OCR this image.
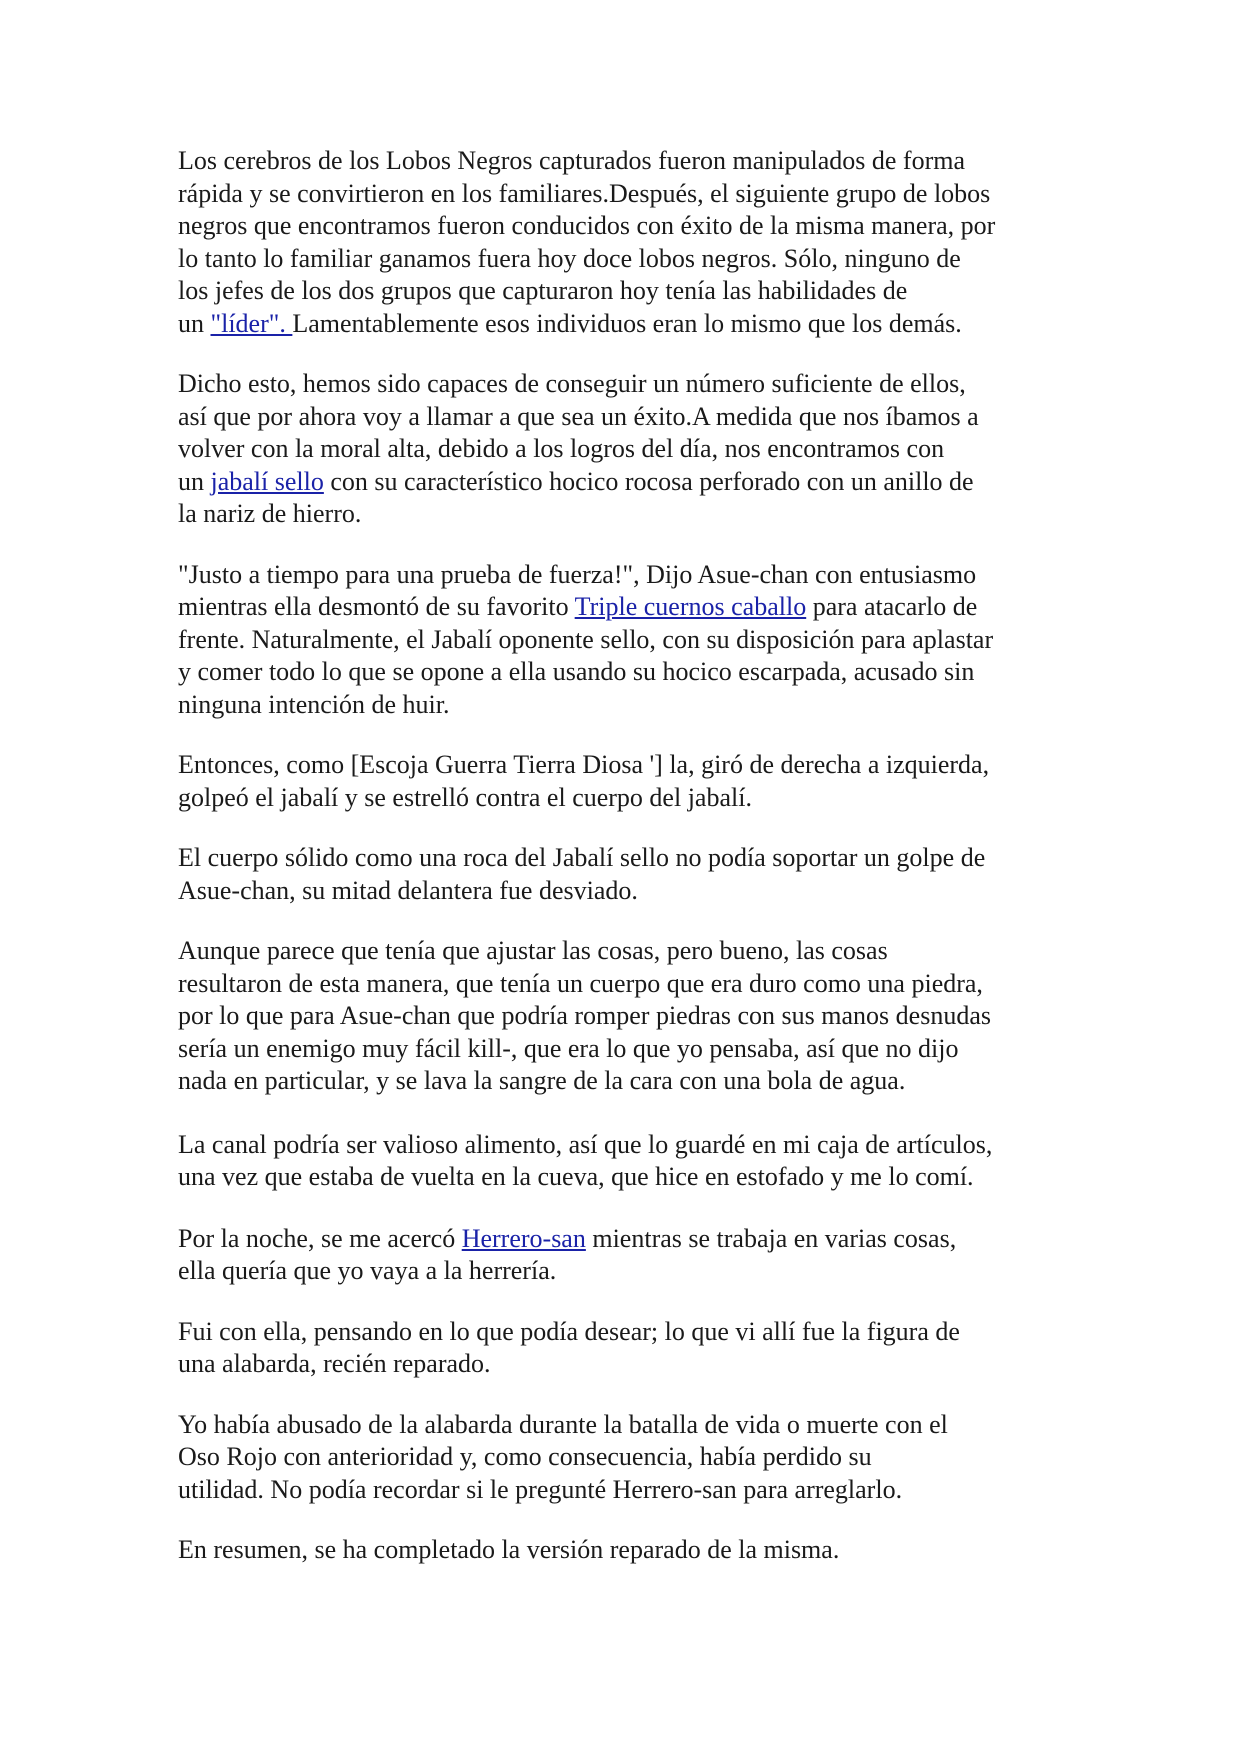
Los cerebros de los Lobos Negros capturados fueron manipulados de forma
rápida y se convirtieron en los familiares.Después, el siguiente grupo de lobos
negros que encontramos fueron conducidos con éxito de la misma manera, por
lo tanto lo familiar ganamos fuera hoy doce lobos negros. Sólo, ninguno de
los jefes de los dos grupos que capturaron hoy tenía las habilidades de
un "líder". Lamentablemente esos individuos eran lo mismo que los demás.

Dicho esto, hemos sido capaces de conseguir un número suficiente de ellos,
así que por ahora voy a llamar a que sea un éxito.A medida que nos íbamos a
volver con la moral alta, debido a los logros del día, nos encontramos con
un jabalí sello con su característico hocico rocosa perforado con un anillo de
la nariz de hierro.

"Justo a tiempo para una prueba de fuerza!", Dijo Asue-chan con entusiasmo
mientras ella desmontó de su favorito Triple cuernos caballo para atacarlo de
frente. Naturalmente, el Jabalí oponente sello, con su disposición para aplastar
y comer todo lo que se opone a ella usando su hocico escarpada, acusado sin
ninguna intención de huir.

Entonces, como [Escoja Guerra Tierra Diosa '] la, giró de derecha a izquierda,
golpeó el jabalí y se estrelló contra el cuerpo del jabalí.

El cuerpo sólido como una roca del Jabalí sello no podía soportar un golpe de
Asue-chan, su mitad delantera fue desviado.

Aunque parece que tenía que ajustar las cosas, pero bueno, las cosas
resultaron de esta manera, que tenía un cuerpo que era duro como una piedra,
por lo que para Asue-chan que podría romper piedras con sus manos desnudas
sería un enemigo muy fácil kill-, que era lo que yo pensaba, así que no dijo
nada en particular, y se lava la sangre de la cara con una bola de agua.

La canal podría ser valioso alimento, así que lo guardé en mi caja de artículos,
una vez que estaba de vuelta en la cueva, que hice en estofado y me lo comí.

Por la noche, se me acercó Herrero-san mientras se trabaja en varias cosas,
ella quería que yo vaya a la herrería.

Fui con ella, pensando en lo que podía desear; lo que vi allí fue la figura de
una alabarda, recién reparado.

Yo había abusado de la alabarda durante la batalla de vida o muerte con el
Oso Rojo con anterioridad y, como consecuencia, había perdido su
utilidad. No podía recordar si le pregunté Herrero-san para arreglarlo.

En resumen, se ha completado la versión reparado de la misma.
